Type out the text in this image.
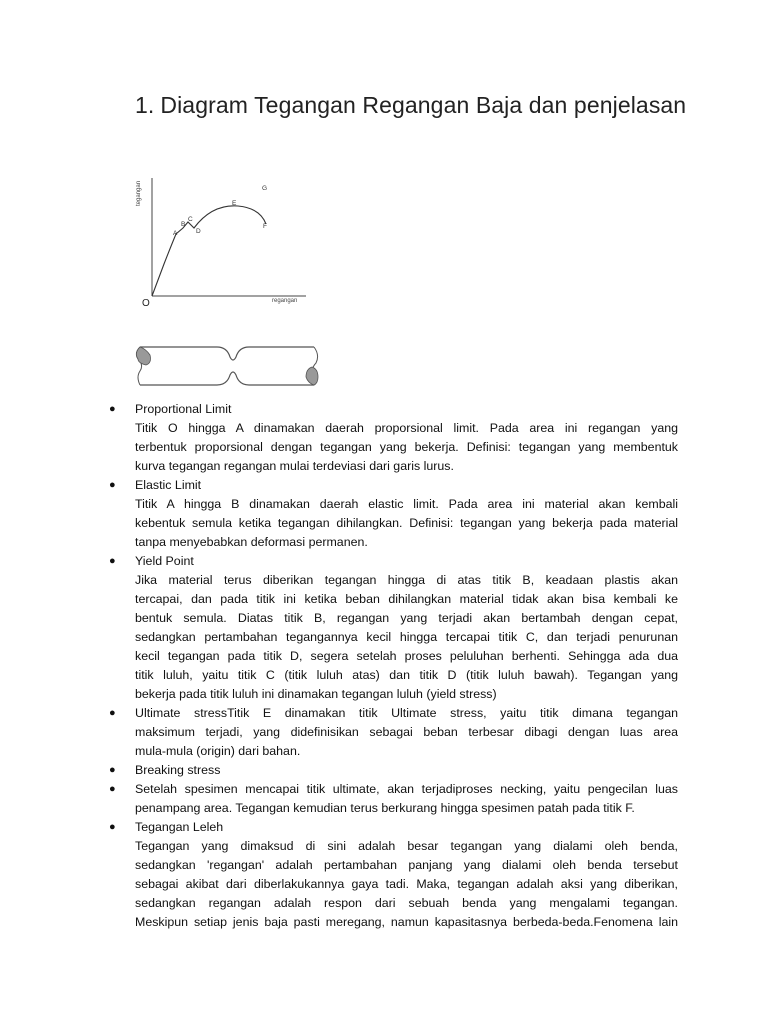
1. Diagram Tegangan Regangan Baja dan penjelasan
tegangan
regangan
O
A
B
C
D
E
F
G
● Proportional Limit
Titik O hingga A dinamakan daerah proporsional limit. Pada area ini regangan yang
terbentuk proporsional dengan tegangan yang bekerja. Definisi: tegangan yang membentuk
kurva tegangan regangan mulai terdeviasi dari garis lurus.
● Elastic Limit
Titik A hingga B dinamakan daerah elastic limit. Pada area ini material akan kembali
kebentuk semula ketika tegangan dihilangkan. Definisi: tegangan yang bekerja pada material
tanpa menyebabkan deformasi permanen.
● Yield Point
Jika material terus diberikan tegangan hingga di atas titik B, keadaan plastis akan
tercapai, dan pada titik ini ketika beban dihilangkan material tidak akan bisa kembali ke
bentuk semula. Diatas titik B, regangan yang terjadi akan bertambah dengan cepat,
sedangkan pertambahan tegangannya kecil hingga tercapai titik C, dan terjadi penurunan
kecil tegangan pada titik D, segera setelah proses peluluhan berhenti. Sehingga ada dua
titik luluh, yaitu titik C (titik luluh atas) dan titik D (titik luluh bawah). Tegangan yang
bekerja pada titik luluh ini dinamakan tegangan luluh (yield stress)
● Ultimate stressTitik E dinamakan titik Ultimate stress, yaitu titik dimana tegangan
maksimum terjadi, yang didefinisikan sebagai beban terbesar dibagi dengan luas area
mula-mula (origin) dari bahan.
● Breaking stress
● Setelah spesimen mencapai titik ultimate, akan terjadiproses necking, yaitu pengecilan luas
penampang area. Tegangan kemudian terus berkurang hingga spesimen patah pada titik F.
● Tegangan Leleh
Tegangan yang dimaksud di sini adalah besar tegangan yang dialami oleh benda,
sedangkan 'regangan' adalah pertambahan panjang yang dialami oleh benda tersebut
sebagai akibat dari diberlakukannya gaya tadi. Maka, tegangan adalah aksi yang diberikan,
sedangkan regangan adalah respon dari sebuah benda yang mengalami tegangan.
Meskipun setiap jenis baja pasti meregang, namun kapasitasnya berbeda-beda.Fenomena lain
